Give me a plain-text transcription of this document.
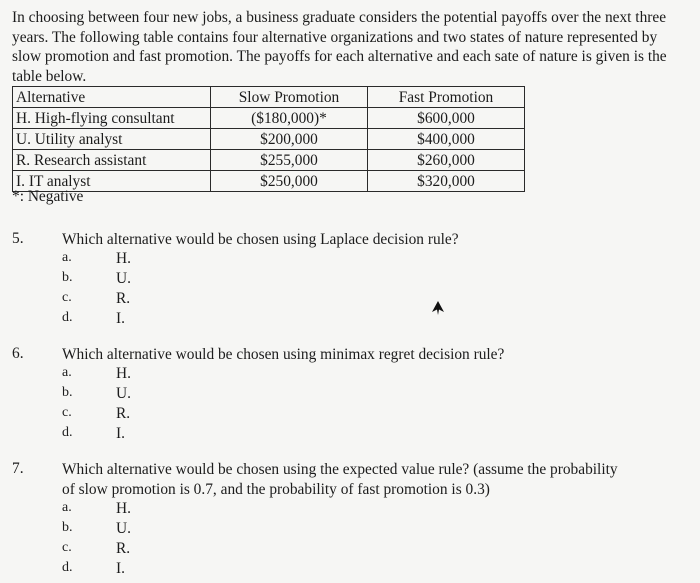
In choosing between four new jobs, a business graduate considers the potential payoffs over the next three years. The following table contains four alternative organizations and two states of nature represented by slow promotion and fast promotion. The payoffs for each alternative and each sate of nature is given is the table below.
Alternative	Slow Promotion	Fast Promotion
H. High-flying consultant	($180,000)*	$600,000
U. Utility analyst	$200,000	$400,000
R. Research assistant	$255,000	$260,000
I. IT analyst	$250,000	$320,000
*: Negative
5. Which alternative would be chosen using Laplace decision rule?
a.	H.
b.	U.
c.	R.
d.	I.
6. Which alternative would be chosen using minimax regret decision rule?
a.	H.
b.	U.
c.	R.
d.	I.
7. Which alternative would be chosen using the expected value rule? (assume the probability of slow promotion is 0.7, and the probability of fast promotion is 0.3)
a.	H.
b.	U.
c.	R.
d.	I.
